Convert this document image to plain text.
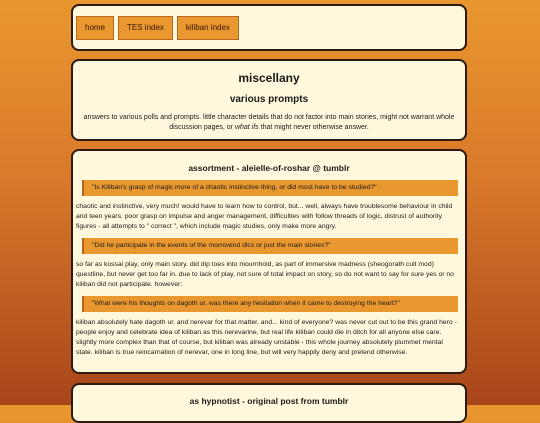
home	TES index	kiliban index
miscellany
various prompts
answers to various polls and prompts. little character details that do not factor into main stories, might not warrant whole discussion pages, or what ifs that might never otherwise answer.
assortment - aleielle-of-roshar @ tumblr
"Is Kiliban's grasp of magic more of a chaotic instinctive thing, or did most have to be studied?"
chaotic and instinctive, very much! would have to learn how to control, but... well, always have troublesome behaviour in child and teen years. poor grasp on impulse and anger management, difficulties with follow threads of logic, distrust of authority figures - all attempts to " correct ", which include magic studies, only make more angry.
"Did he participate in the events of the morrowind dlcs or just the main stories?"
so far as kossai play, only main story. did dip toes into mournhold, as part of immersive madness (sheogorath cult mod) questline, but never get too far in. due to lack of play, not sure of total impact on story, so do not want to say for sure yes or no kiliban did not participate. however:
"What were his thoughts on dagoth ur, was there any hesitation when it came to destroying the heart?"
kiliban absolutely hate dagoth ur. and nerevar for that matter. and... kind of everyone? was never cut out to be this grand hero - people enjoy and celebrate idea of kiliban as this nerevarine, but real life kiliban could die in ditch for all anyone else care. slightly more complex than that of course, but kiliban was already unstable - this whole journey absolutely plummet mental state. kiliban is true reincarnation of nerevar, one in long line, but will very happily deny and pretend otherwise.
as hypnotist - original post from tumblr
